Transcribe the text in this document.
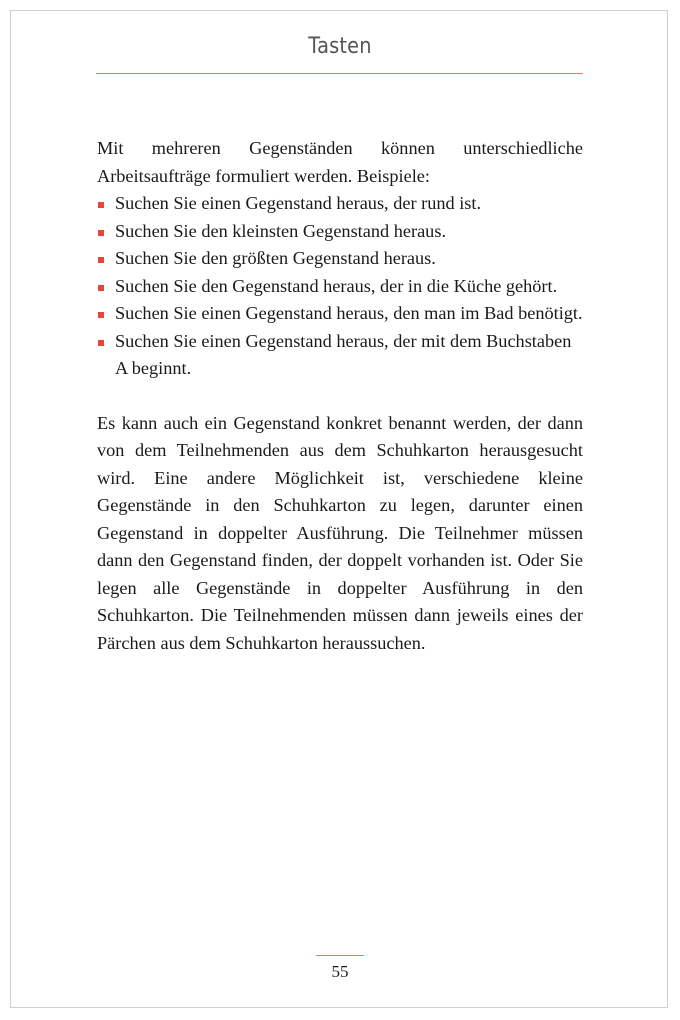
Tasten

Mit mehreren Gegenständen können unterschiedliche Arbeitsaufträge formuliert werden. Beispiele:

Suchen Sie einen Gegenstand heraus, der rund ist.
Suchen Sie den kleinsten Gegenstand heraus.
Suchen Sie den größten Gegenstand heraus.
Suchen Sie den Gegenstand heraus, der in die Küche gehört.
Suchen Sie einen Gegenstand heraus, den man im Bad benötigt.
Suchen Sie einen Gegenstand heraus, der mit dem Buchstaben A beginnt.

Es kann auch ein Gegenstand konkret benannt werden, der dann von dem Teilnehmenden aus dem Schuhkarton herausgesucht wird. Eine andere Möglichkeit ist, verschiedene kleine Gegenstände in den Schuhkarton zu legen, darunter einen Gegenstand in doppelter Ausführung. Die Teilnehmer müssen dann den Gegenstand finden, der doppelt vorhanden ist. Oder Sie legen alle Gegenstände in doppelter Ausführung in den Schuhkarton. Die Teilnehmenden müssen dann jeweils eines der Pärchen aus dem Schuhkarton heraussuchen.

55
